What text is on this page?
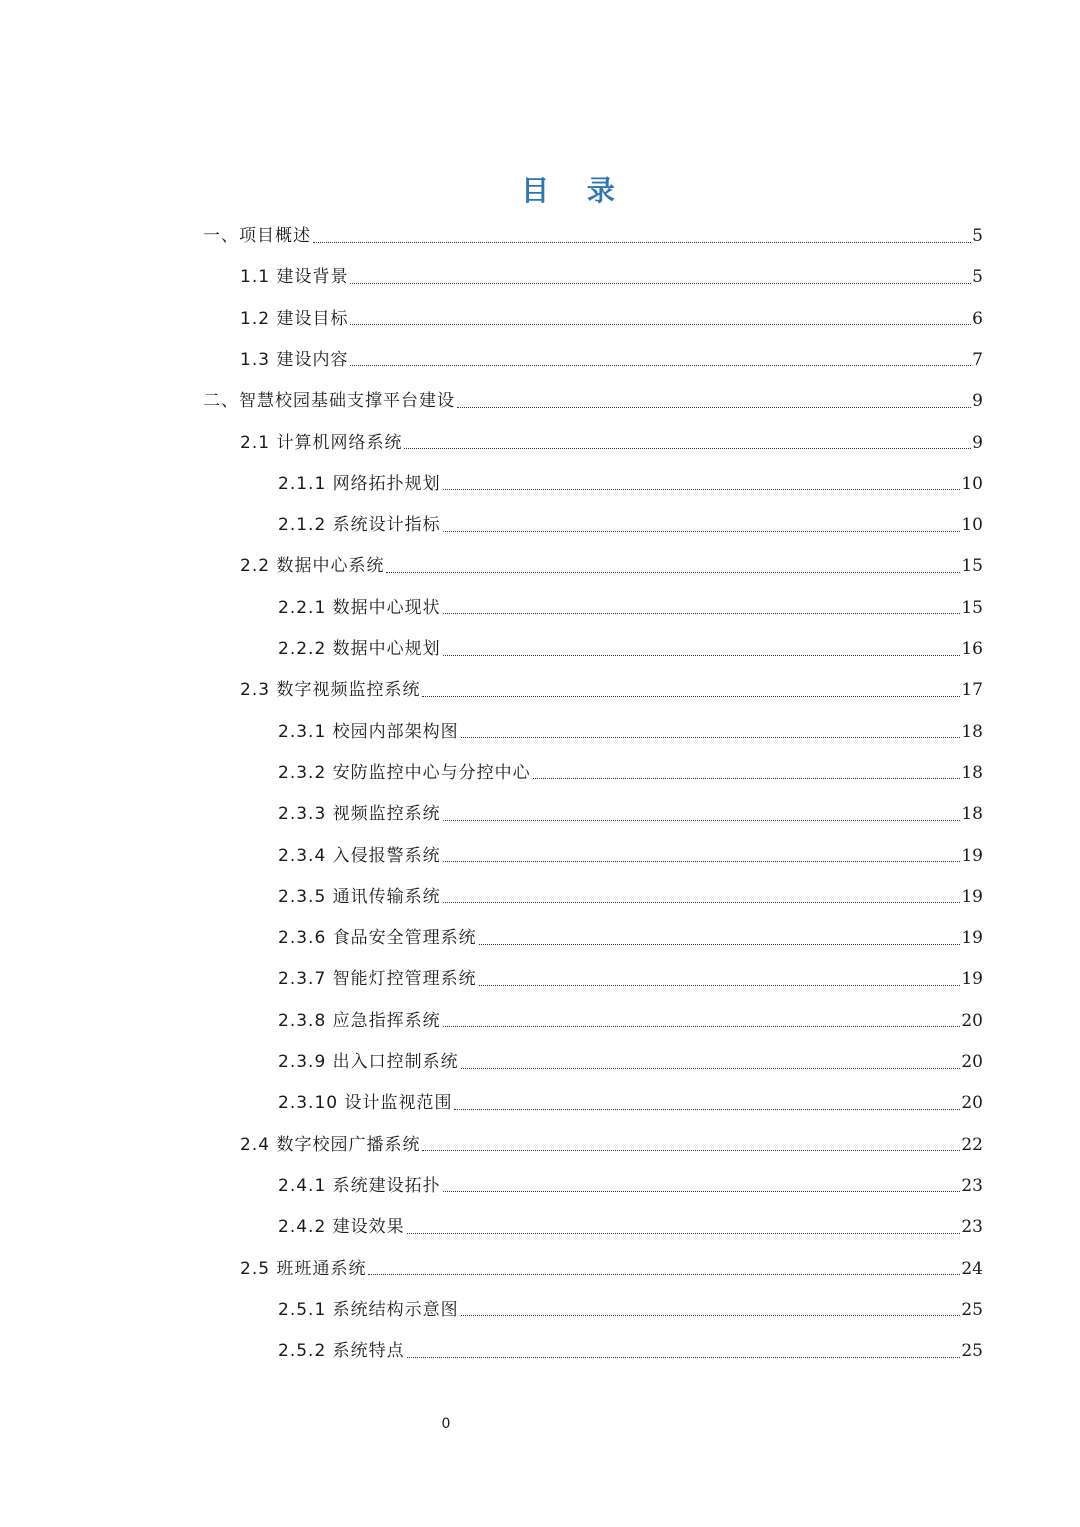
目 录
一、项目概述	5
1.1 建设背景	5
1.2 建设目标	6
1.3 建设内容	7
二、智慧校园基础支撑平台建设	9
2.1 计算机网络系统	9
2.1.1 网络拓扑规划	10
2.1.2 系统设计指标	10
2.2 数据中心系统	15
2.2.1 数据中心现状	15
2.2.2 数据中心规划	16
2.3 数字视频监控系统	17
2.3.1 校园内部架构图	18
2.3.2 安防监控中心与分控中心	18
2.3.3 视频监控系统	18
2.3.4 入侵报警系统	19
2.3.5 通讯传输系统	19
2.3.6 食品安全管理系统	19
2.3.7 智能灯控管理系统	19
2.3.8 应急指挥系统	20
2.3.9 出入口控制系统	20
2.3.10 设计监视范围	20
2.4 数字校园广播系统	22
2.4.1 系统建设拓扑	23
2.4.2 建设效果	23
2.5 班班通系统	24
2.5.1 系统结构示意图	25
2.5.2 系统特点	25
0
